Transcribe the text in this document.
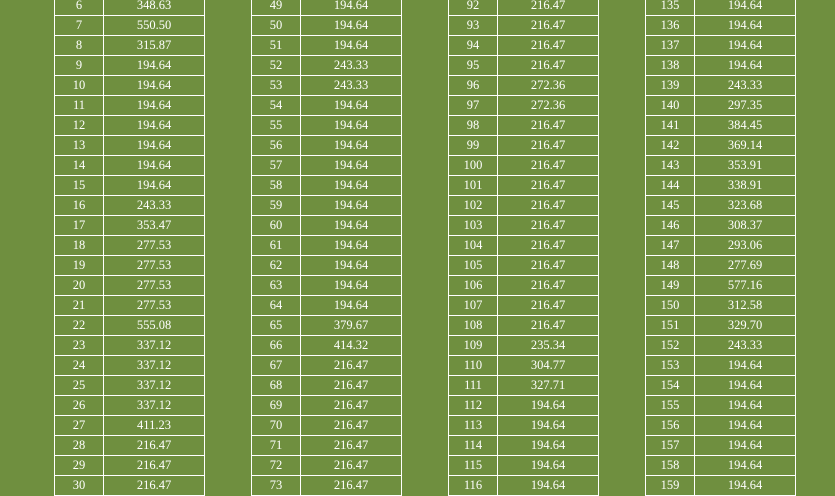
6	348.63
7	550.50
8	315.87
9	194.64
10	194.64
11	194.64
12	194.64
13	194.64
14	194.64
15	194.64
16	243.33
17	353.47
18	277.53
19	277.53
20	277.53
21	277.53
22	555.08
23	337.12
24	337.12
25	337.12
26	337.12
27	411.23
28	216.47
29	216.47
30	216.47
49	194.64
50	194.64
51	194.64
52	243.33
53	243.33
54	194.64
55	194.64
56	194.64
57	194.64
58	194.64
59	194.64
60	194.64
61	194.64
62	194.64
63	194.64
64	194.64
65	379.67
66	414.32
67	216.47
68	216.47
69	216.47
70	216.47
71	216.47
72	216.47
73	216.47
92	216.47
93	216.47
94	216.47
95	216.47
96	272.36
97	272.36
98	216.47
99	216.47
100	216.47
101	216.47
102	216.47
103	216.47
104	216.47
105	216.47
106	216.47
107	216.47
108	216.47
109	235.34
110	304.77
111	327.71
112	194.64
113	194.64
114	194.64
115	194.64
116	194.64
135	194.64
136	194.64
137	194.64
138	194.64
139	243.33
140	297.35
141	384.45
142	369.14
143	353.91
144	338.91
145	323.68
146	308.37
147	293.06
148	277.69
149	577.16
150	312.58
151	329.70
152	243.33
153	194.64
154	194.64
155	194.64
156	194.64
157	194.64
158	194.64
159	194.64
